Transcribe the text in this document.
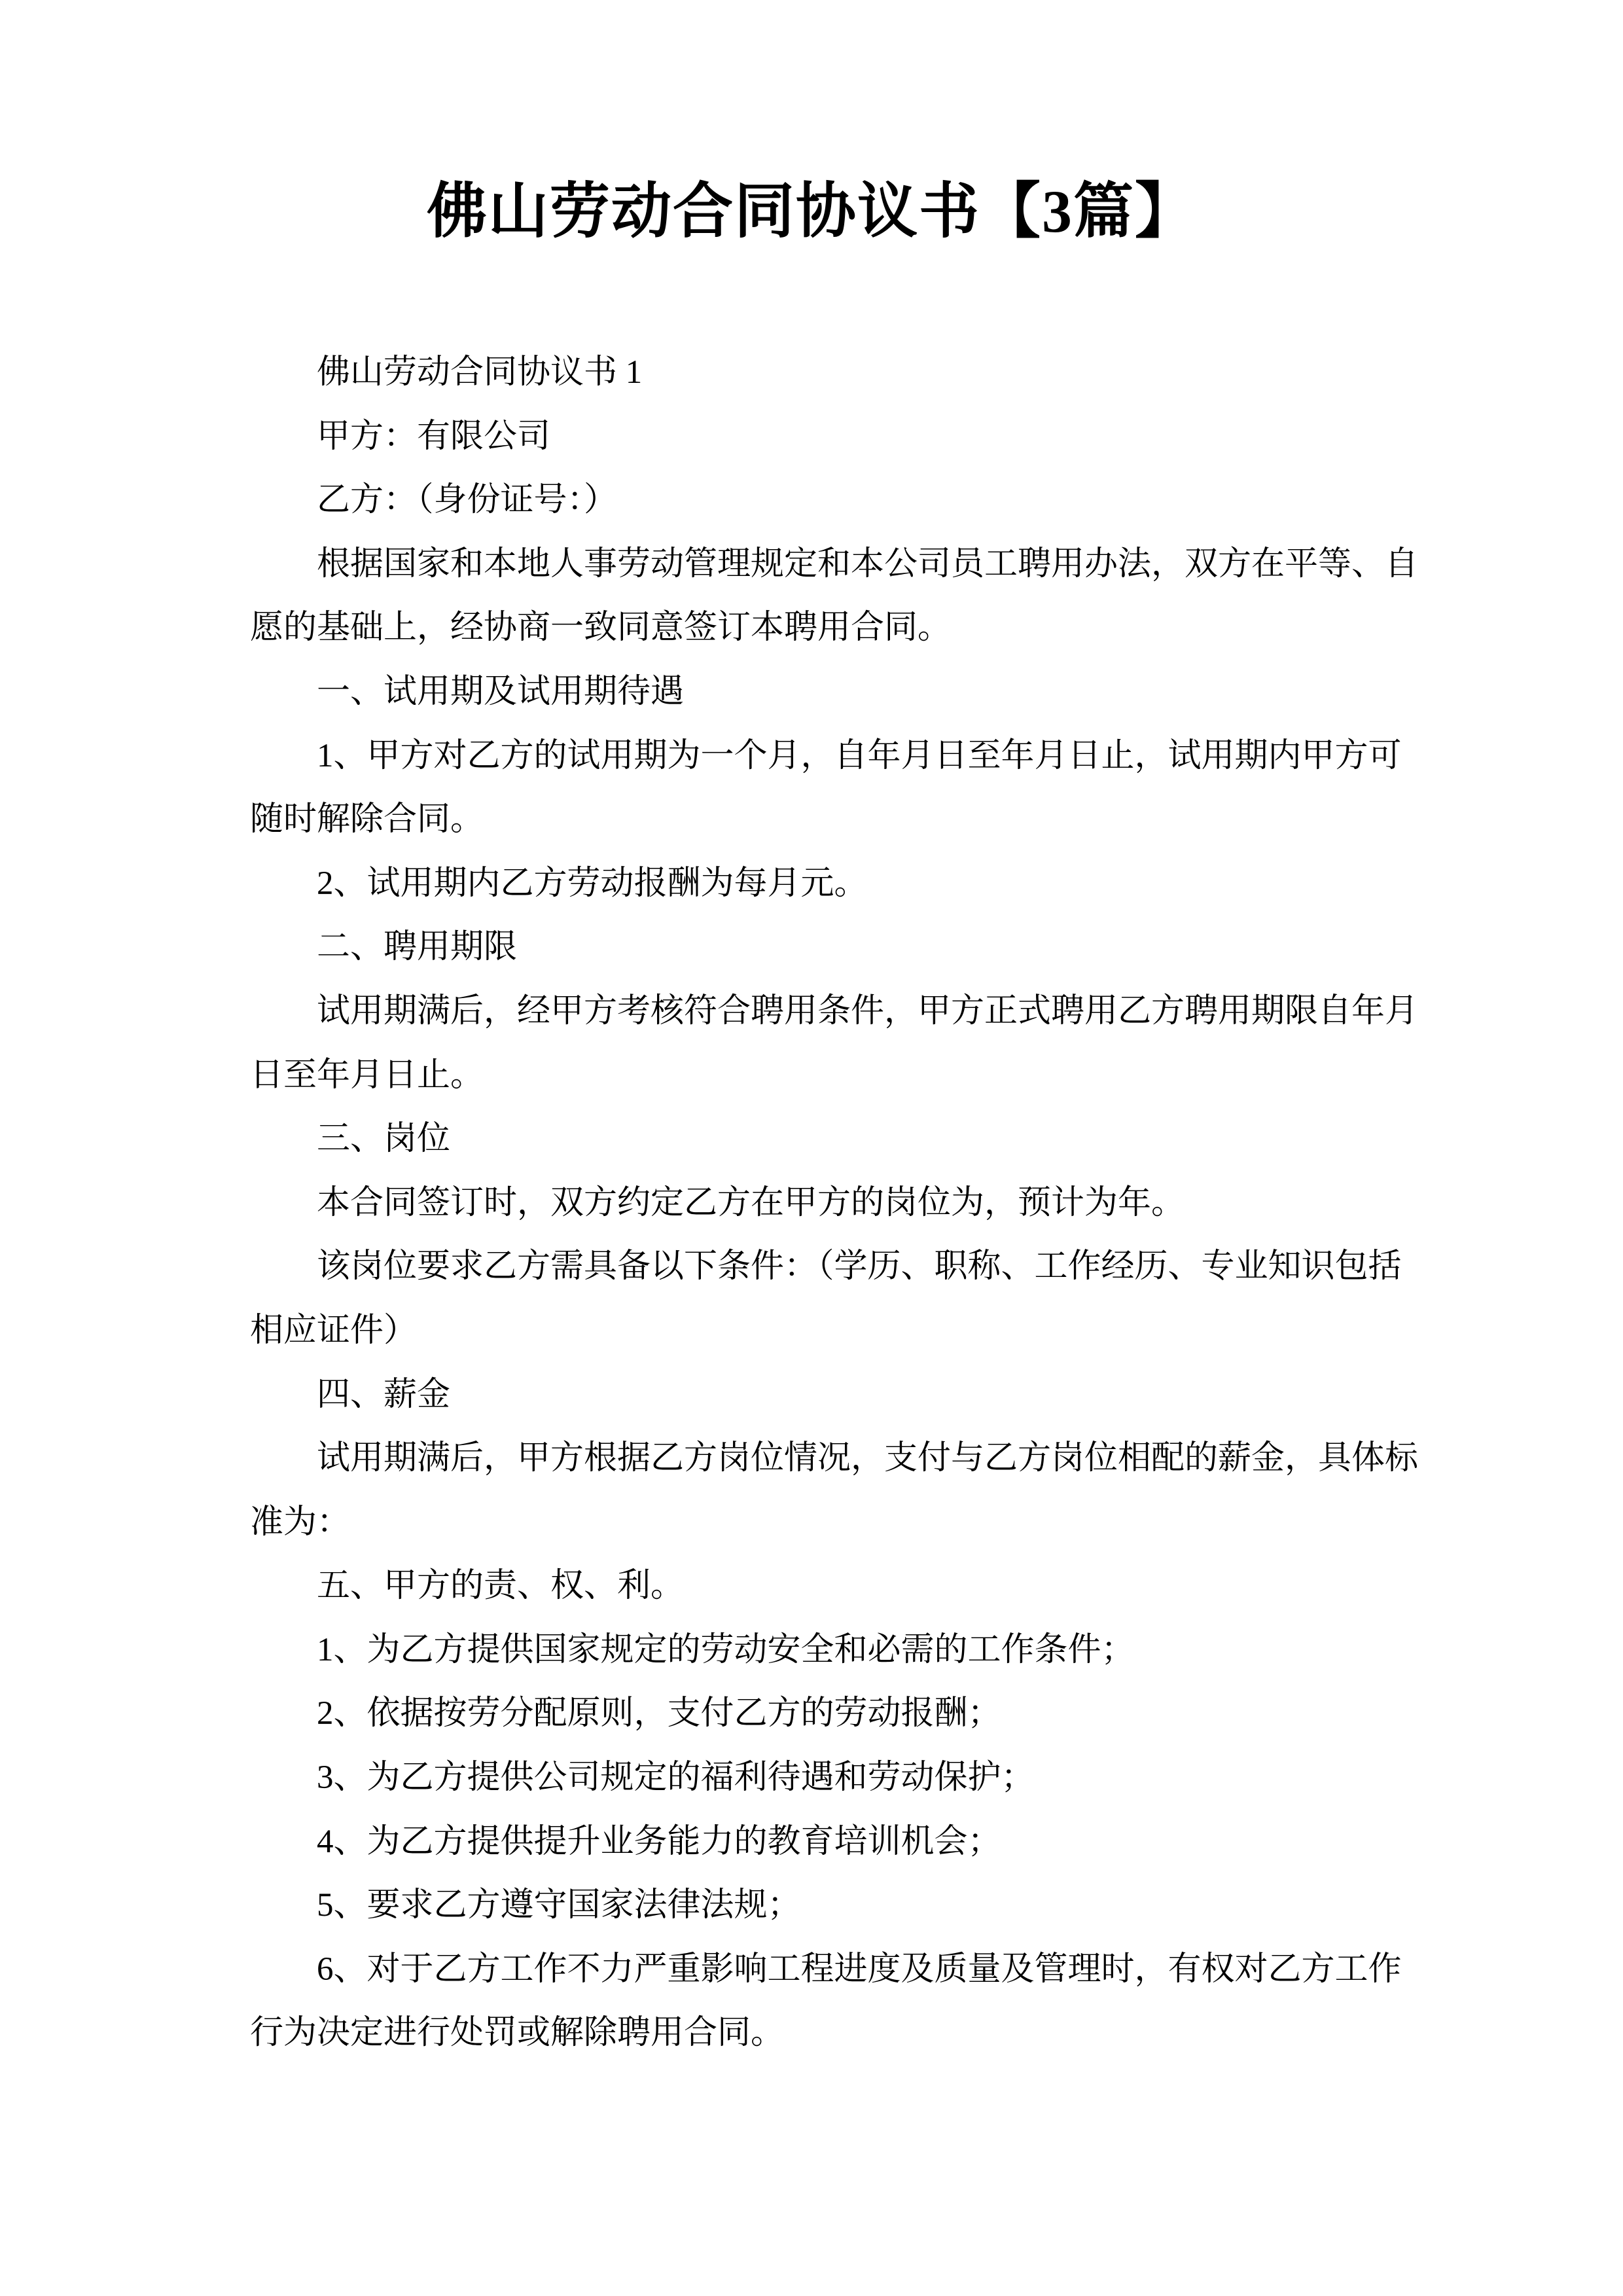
佛山劳动合同协议书【3篇】

佛山劳动合同协议书 1

甲方：有限公司

乙方：（身份证号：）

根据国家和本地人事劳动管理规定和本公司员工聘用办法，双方在平等、自

愿的基础上，经协商一致同意签订本聘用合同。

一、试用期及试用期待遇

1、甲方对乙方的试用期为一个月，自年月日至年月日止，试用期内甲方可

随时解除合同。

2、试用期内乙方劳动报酬为每月元。

二、聘用期限

试用期满后，经甲方考核符合聘用条件，甲方正式聘用乙方聘用期限自年月

日至年月日止。

三、岗位

本合同签订时，双方约定乙方在甲方的岗位为，预计为年。

该岗位要求乙方需具备以下条件：（学历、职称、工作经历、专业知识包括

相应证件）

四、薪金

试用期满后，甲方根据乙方岗位情况，支付与乙方岗位相配的薪金，具体标

准为：

五、甲方的责、权、利。

1、为乙方提供国家规定的劳动安全和必需的工作条件；

2、依据按劳分配原则，支付乙方的劳动报酬；

3、为乙方提供公司规定的福利待遇和劳动保护；

4、为乙方提供提升业务能力的教育培训机会；

5、要求乙方遵守国家法律法规；

6、对于乙方工作不力严重影响工程进度及质量及管理时，有权对乙方工作

行为决定进行处罚或解除聘用合同。
